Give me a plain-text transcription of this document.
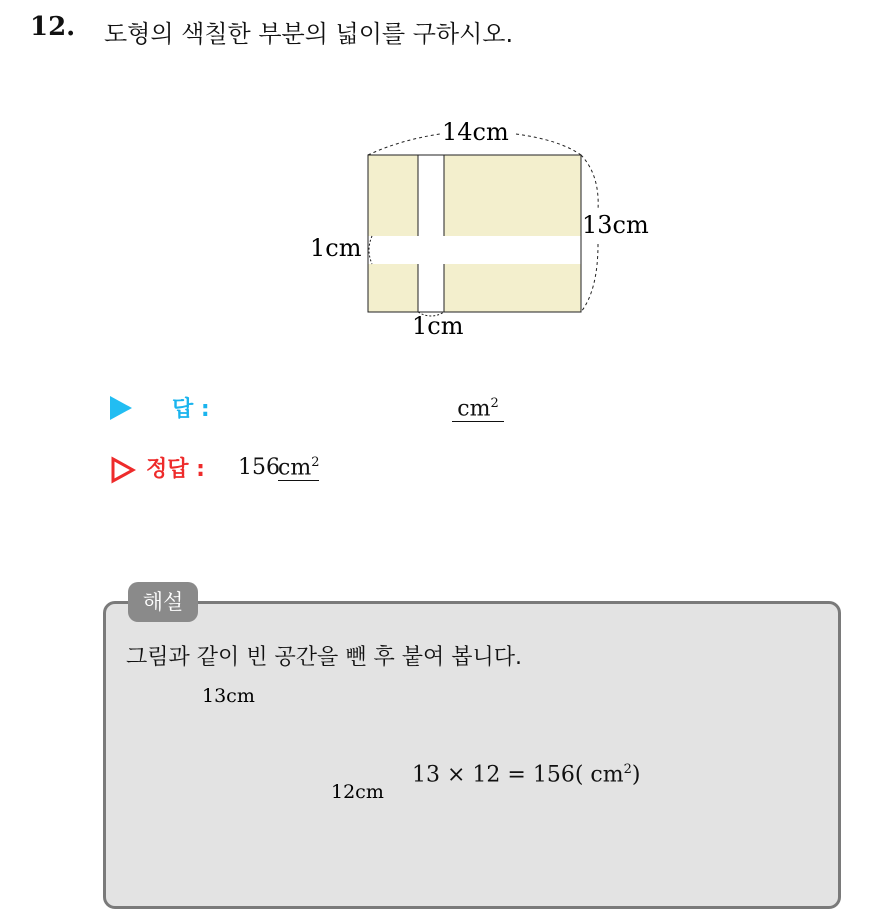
12. 도형의 색칠한 부분의 넓이를 구하시오.
14cm
13cm
1cm
1cm
답 :	$cm^2$
정답 : 156
$cm^2$
해설
그림과 같이 빈 공간을 뺀 후 붙여 봅니다.
13cm
12cm
13 × 12 = 156( $cm^2$)
